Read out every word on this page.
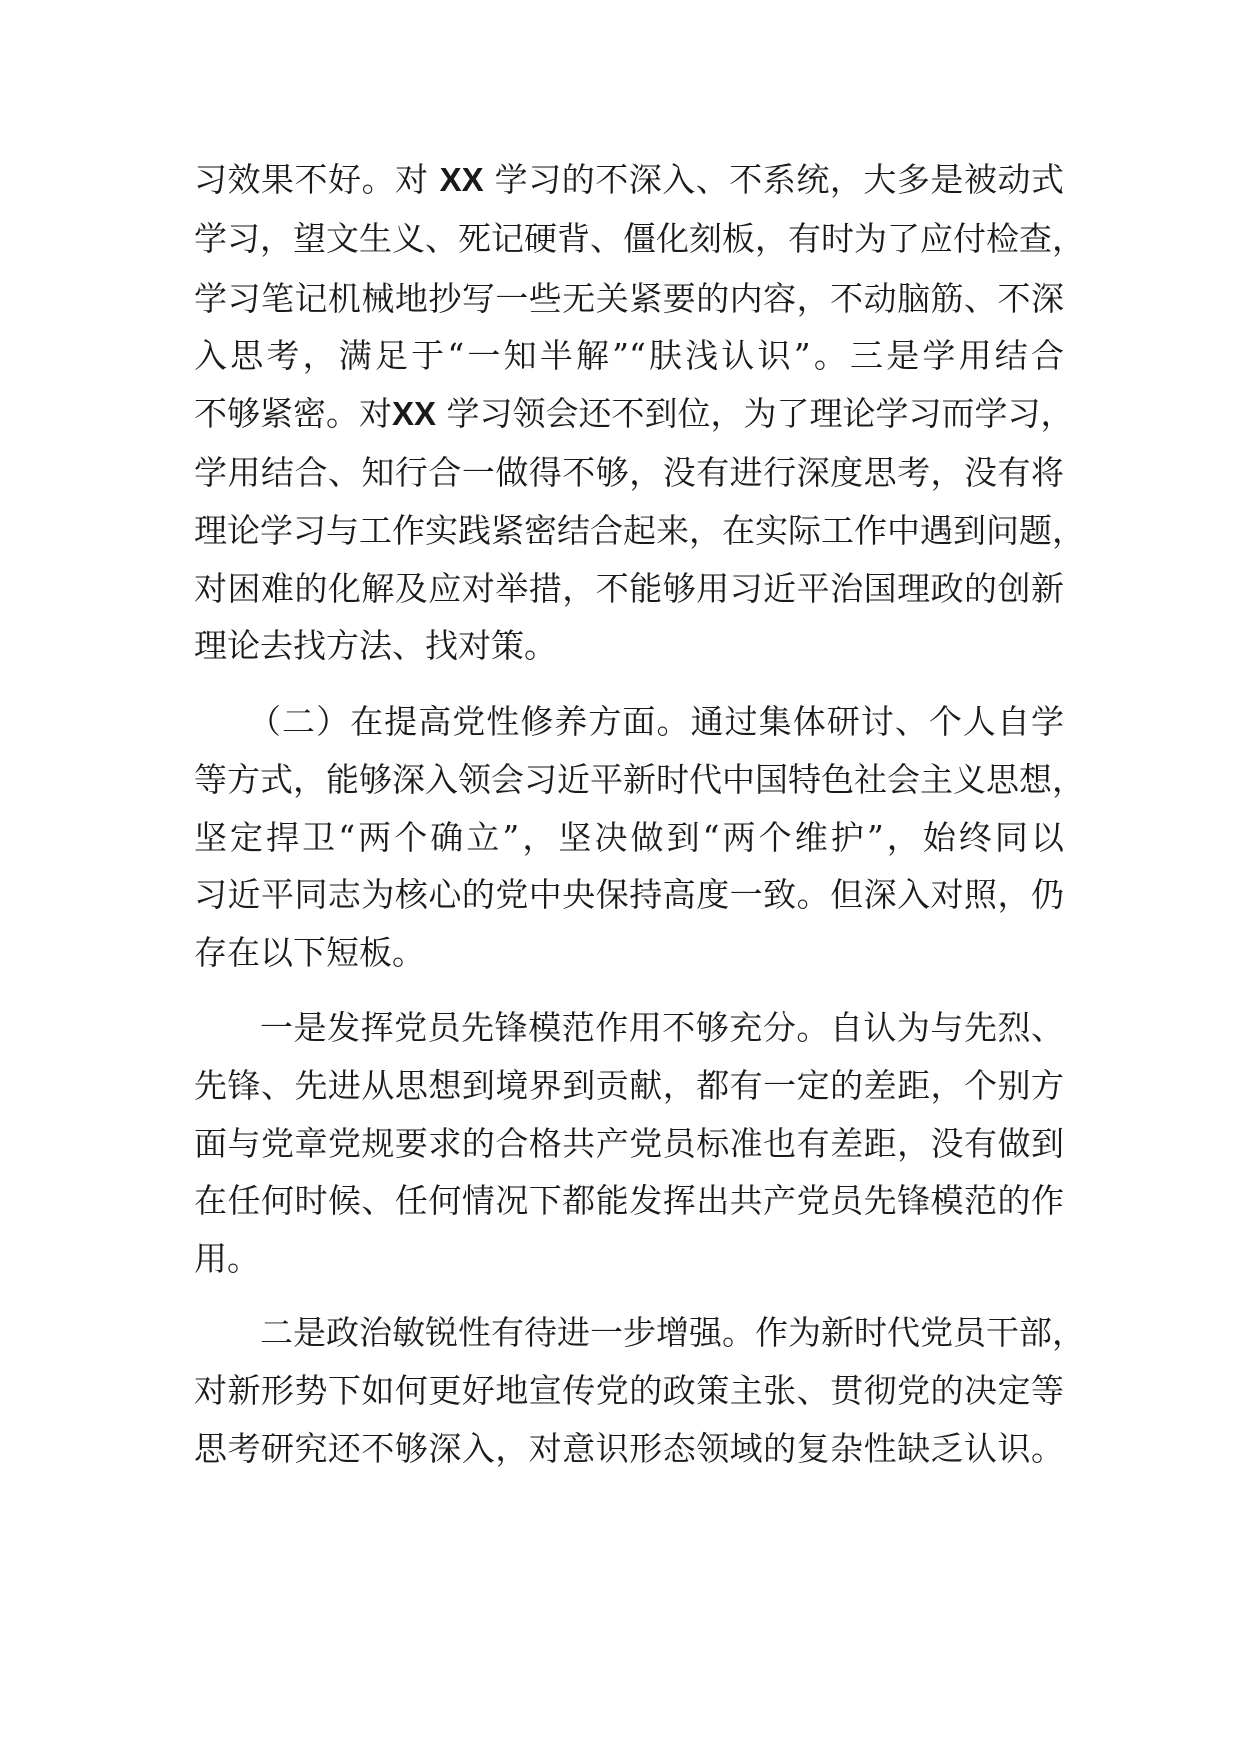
习效果不好。对 XX 学习的不深入、不系统，大多是被动式
学习，望文生义、死记硬背、僵化刻板，有时为了应付检查，
学习笔记机械地抄写一些无关紧要的内容，不动脑筋、不深
入思考，满足于“一知半解”“肤浅认识”。三是学用结合
不够紧密。对XX 学习领会还不到位，为了理论学习而学习，
学用结合、知行合一做得不够，没有进行深度思考，没有将
理论学习与工作实践紧密结合起来，在实际工作中遇到问题，
对困难的化解及应对举措，不能够用习近平治国理政的创新
理论去找方法、找对策。
（二）在提高党性修养方面。通过集体研讨、个人自学
等方式，能够深入领会习近平新时代中国特色社会主义思想，
坚定捍卫“两个确立”，坚决做到“两个维护”，始终同以
习近平同志为核心的党中央保持高度一致。但深入对照，仍
存在以下短板。
一是发挥党员先锋模范作用不够充分。自认为与先烈、
先锋、先进从思想到境界到贡献，都有一定的差距，个别方
面与党章党规要求的合格共产党员标准也有差距，没有做到
在任何时候、任何情况下都能发挥出共产党员先锋模范的作
用。
二是政治敏锐性有待进一步增强。作为新时代党员干部，
对新形势下如何更好地宣传党的政策主张、贯彻党的决定等
思考研究还不够深入，对意识形态领域的复杂性缺乏认识。
